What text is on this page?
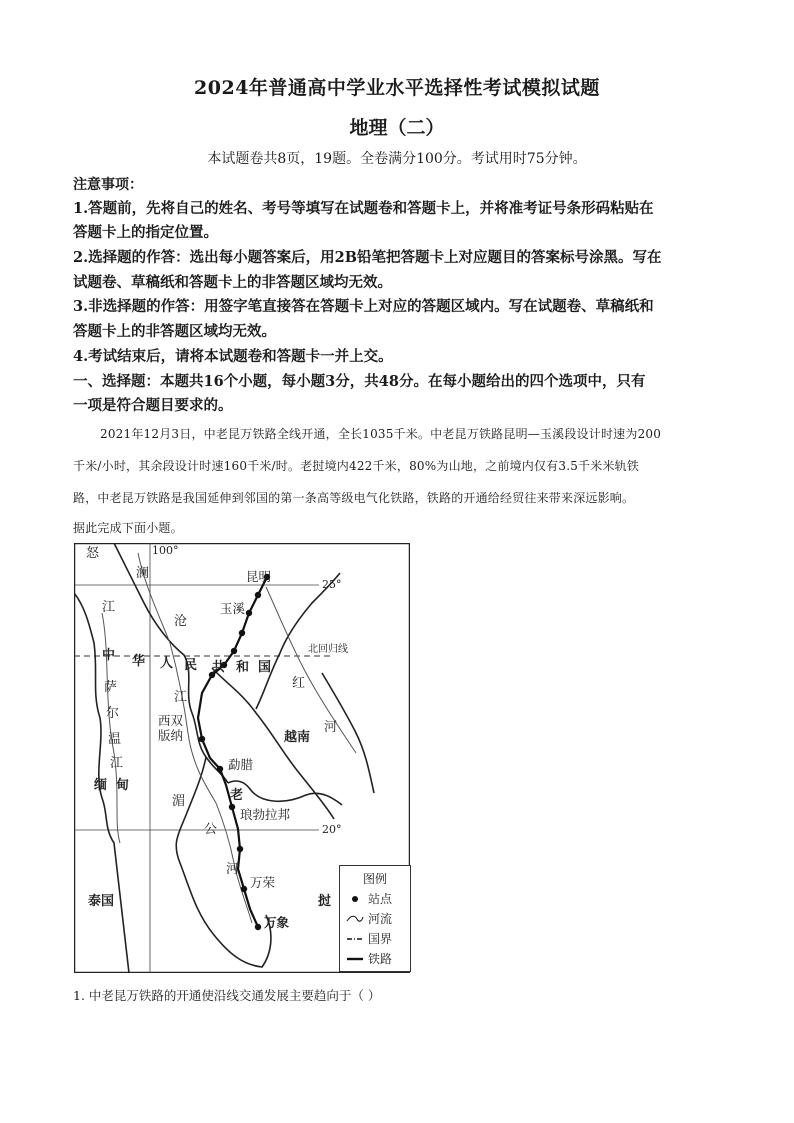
2024年普通高中学业水平选择性考试模拟试题
地理（二）
本试题卷共8页，19题。全卷满分100分。考试用时75分钟。
注意事项：
1.答题前，先将自己的姓名、考号等填写在试题卷和答题卡上，并将准考证号条形码粘贴在
答题卡上的指定位置。
2.选择题的作答：选出每小题答案后，用2B铅笔把答题卡上对应题目的答案标号涂黑。写在
试题卷、草稿纸和答题卡上的非答题区域均无效。
3.非选择题的作答：用签字笔直接答在答题卡上对应的答题区域内。写在试题卷、草稿纸和
答题卡上的非答题区域均无效。
4.考试结束后，请将本试题卷和答题卡一并上交。
一、选择题：本题共16个小题，每小题3分，共48分。在每小题给出的四个选项中，只有
一项是符合题目要求的。
2021年12月3日，中老昆万铁路全线开通，全长1035千米。中老昆万铁路昆明—玉溪段设计时速为200
千米/小时，其余段设计时速160千米/时。老挝境内422千米，80%为山地，之前境内仅有3.5千米米轨铁
路，中老昆万铁路是我国延伸到邻国的第一条高等级电气化铁路，铁路的开通给经贸往来带来深远影响。
据此完成下面小题。
100°
25°
20°
北回归线
中 华 人 民 共 和 国
缅 甸
老
越南
泰国	挝
怒
澜
江
沧
萨
尔
温
江
江
红
河
湄
公
河
昆明
玉溪
西双版纳
勐腊
琅勃拉邦
万荣
万象
图例
站点
河流
国界
铁路
1. 中老昆万铁路的开通使沿线交通发展主要趋向于（ ）
